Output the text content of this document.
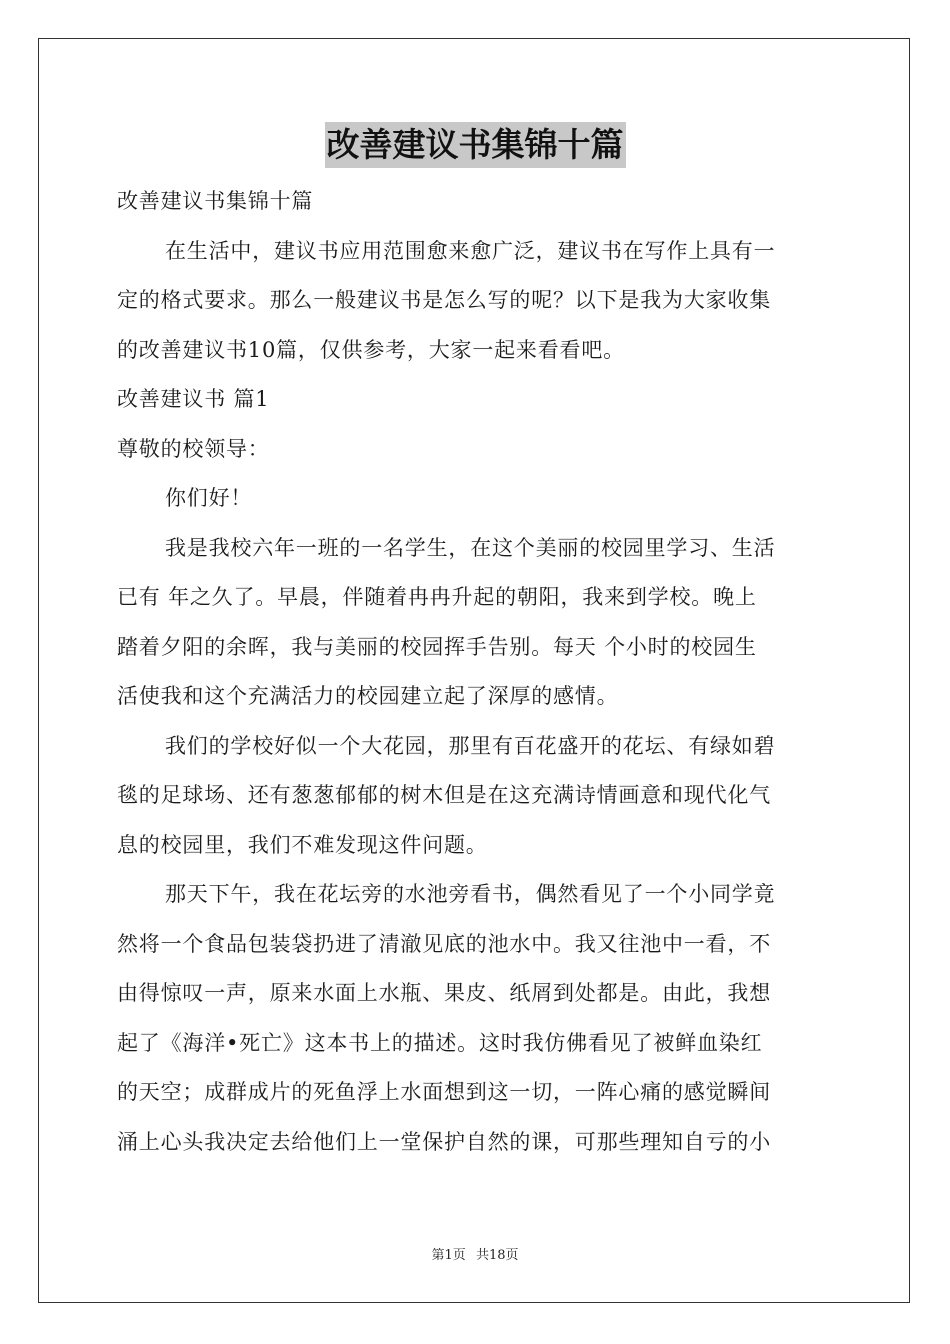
改善建议书集锦十篇

改善建议书集锦十篇

在生活中，建议书应用范围愈来愈广泛，建议书在写作上具有一

定的格式要求。那么一般建议书是怎么写的呢？以下是我为大家收集

的改善建议书10篇，仅供参考，大家一起来看看吧。

改善建议书 篇1

尊敬的校领导：

你们好！

我是我校六年一班的一名学生，在这个美丽的校园里学习、生活

已有 年之久了。早晨，伴随着冉冉升起的朝阳，我来到学校。晚上

踏着夕阳的余晖，我与美丽的校园挥手告别。每天 个小时的校园生

活使我和这个充满活力的校园建立起了深厚的感情。

我们的学校好似一个大花园，那里有百花盛开的花坛、有绿如碧

毯的足球场、还有葱葱郁郁的树木但是在这充满诗情画意和现代化气

息的校园里，我们不难发现这件问题。

那天下午，我在花坛旁的水池旁看书，偶然看见了一个小同学竟

然将一个食品包装袋扔进了清澈见底的池水中。我又往池中一看，不

由得惊叹一声，原来水面上水瓶、果皮、纸屑到处都是。由此，我想

起了《海洋•死亡》这本书上的描述。这时我仿佛看见了被鲜血染红

的天空；成群成片的死鱼浮上水面想到这一切，一阵心痛的感觉瞬间

涌上心头我决定去给他们上一堂保护自然的课，可那些理知自亏的小

第1页 共18页
